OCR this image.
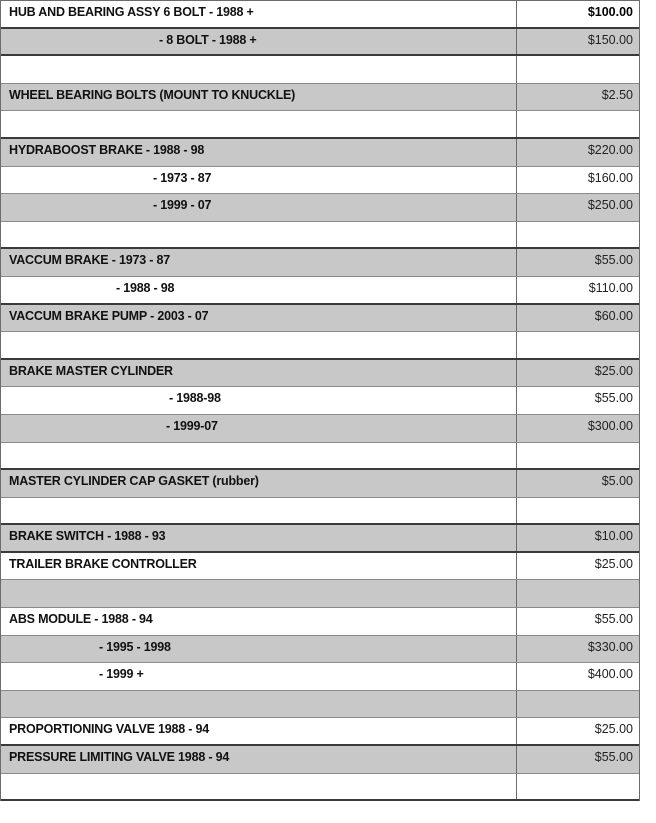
HUB AND BEARING ASSY 6 BOLT - 1988 +	$100.00
- 8 BOLT - 1988 +	$150.00
WHEEL BEARING BOLTS (MOUNT TO KNUCKLE)	$2.50
HYDRABOOST BRAKE - 1988 - 98	$220.00
- 1973 - 87	$160.00
- 1999 - 07	$250.00
VACCUM BRAKE - 1973 - 87	$55.00
- 1988 - 98	$110.00
VACCUM BRAKE PUMP - 2003 - 07	$60.00
BRAKE MASTER CYLINDER	$25.00
- 1988-98	$55.00
- 1999-07	$300.00
MASTER CYLINDER CAP GASKET (rubber)	$5.00
BRAKE SWITCH - 1988 - 93	$10.00
TRAILER BRAKE CONTROLLER	$25.00
ABS MODULE - 1988 - 94	$55.00
- 1995 - 1998	$330.00
- 1999 +	$400.00
PROPORTIONING VALVE 1988 - 94	$25.00
PRESSURE LIMITING VALVE 1988 - 94	$55.00
